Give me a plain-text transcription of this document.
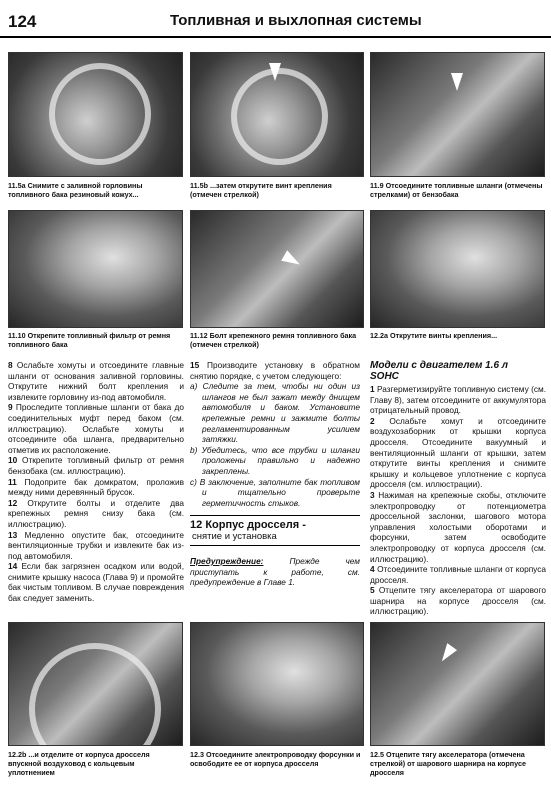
124	Топливная и выхлопная системы
11.5a Снимите с заливной горловины топливного бака резиновый кожух...
11.5b ...затем открутите винт крепления (отмечен стрелкой)
11.9 Отсоедините топливные шланги (отмечены стрелками) от бензобака
11.10 Открепите топливный фильтр от ремня топливного бака
11.12 Болт крепежного ремня топливного бака (отмечен стрелкой)
12.2a Открутите винты крепления...

8 Ослабьте хомуты и отсоедините главные шланги от основания заливной горловины. Открутите нижний болт крепления и извлеките горловину из-под автомобиля.

9 Проследите топливные шланги от бака до соединительных муфт перед баком (см. иллюстрацию). Ослабьте хомуты и отсоедините оба шланга, предварительно отметив их расположение.

10 Открепите топливный фильтр от ремня бензобака (см. иллюстрацию).

11 Подоприте бак домкратом, проложив между ними деревянный брусок.

12 Открутите болты и отделите два крепежных ремня снизу бака (см. иллюстрацию).

13 Медленно опустите бак, отсоедините вентиляционные трубки и извлеките бак из-под автомобиля.

14 Если бак загрязнен осадком или водой, снимите крышку насоса (Глава 9) и промойте бак чистым топливом. В случае повреждения бак следует заменить.

15 Производите установку в обратном снятию порядке, с учетом следующего:

a) Следите за тем, чтобы ни один из шлангов не был зажат между днищем автомобиля и баком. Установите крепежные ремни и зажмите болты регламентированным усилием затяжки.

b) Убедитесь, что все трубки и шланги проложены правильно и надежно закреплены.

c) В заключение, заполните бак топливом и тщательно проверьте герметичность стыков.

12 Корпус дросселя -
снятие и установка
Предупреждение:	Прежде чем приступать к работе, см. предупреждение в Главе 1.
Модели с двигателем 1.6 л
SOHC

1 Разгерметизируйте топливную систему (см. Главу 8), затем отсоедините от аккумулятора отрицательный провод.

2 Ослабьте хомут и отсоедините воздухозаборник от крышки корпуса дросселя. Отсоедините вакуумный и вентиляционный шланги от крышки, затем открутите винты крепления и снимите крышку и кольцевое уплотнение с корпуса дросселя (см. иллюстрации).

3 Нажимая на крепежные скобы, отключите электропроводку от потенциометра дроссельной заслонки, шагового мотора управления холостыми оборотами и форсунки, затем освободите электропроводку от корпуса дросселя (см. иллюстрацию).

4 Отсоедините топливные шланги от корпуса дросселя.

5 Отцепите тягу акселератора от шарового шарнира на корпусе дросселя (см. иллюстрацию).

12.2b ...и отделите от корпуса дросселя впускной воздуховод с кольцевым уплотнением
12.3 Отсоедините электропроводку форсунки и освободите ее от корпуса дросселя
12.5 Отцепите тягу акселератора (отмечена стрелкой) от шарового шарнира на корпусе дросселя
